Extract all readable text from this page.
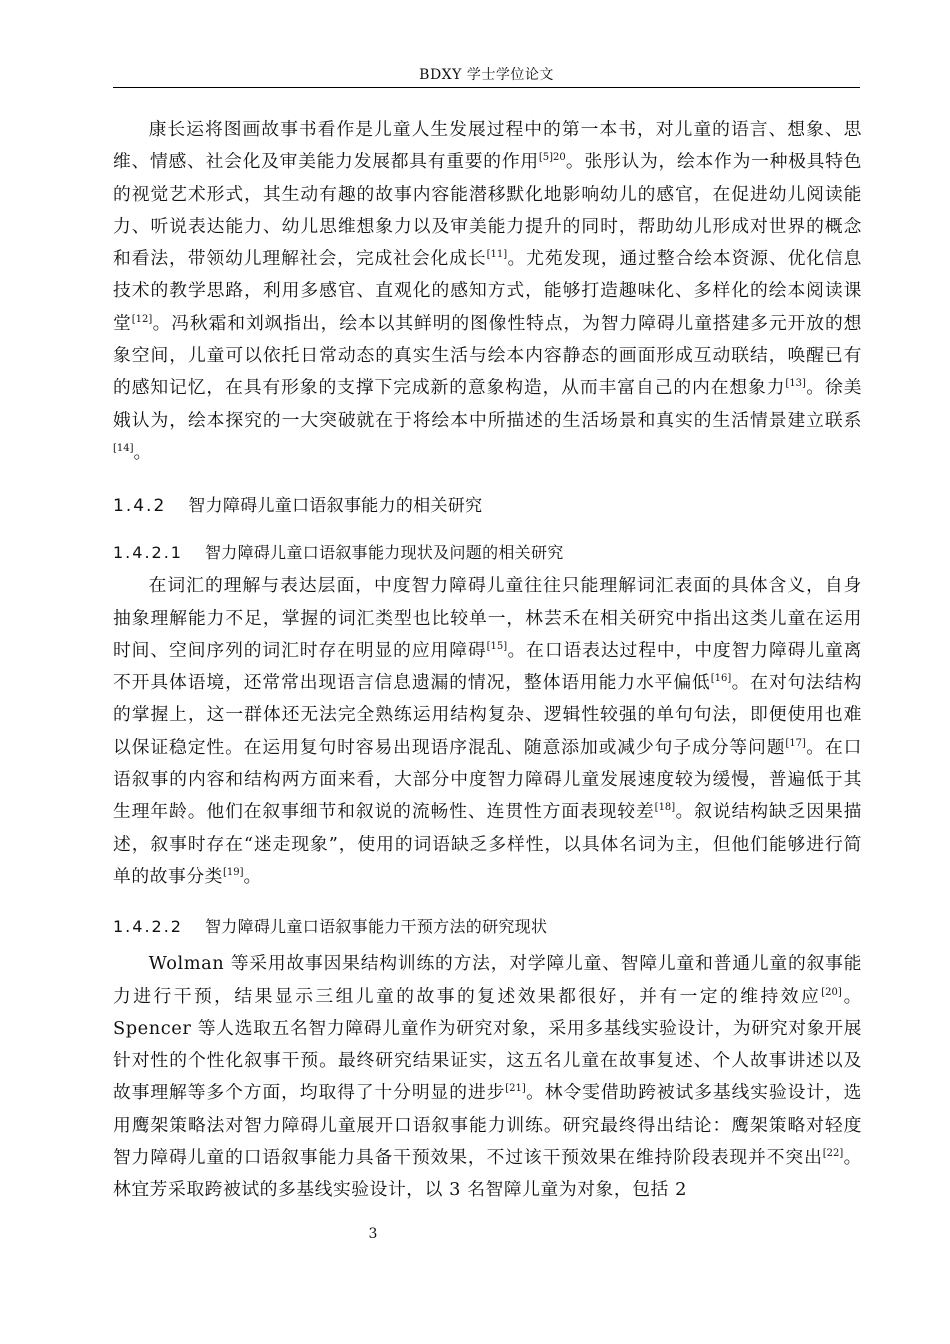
BDXY 学士学位论文

康长运将图画故事书看作是儿童人生发展过程中的第一本书，对儿童的语言、想象、思维、情感、社会化及审美能力发展都具有重要的作用$^{[5]20}$。张彤认为，绘本作为一种极具特色的视觉艺术形式，其生动有趣的故事内容能潜移默化地影响幼儿的感官，在促进幼儿阅读能力、听说表达能力、幼儿思维想象力以及审美能力提升的同时，帮助幼儿形成对世界的概念和看法，带领幼儿理解社会，完成社会化成长[11]。尤苑发现，通过整合绘本资源、优化信息技术的教学思路，利用多感官、直观化的感知方式，能够打造趣味化、多样化的绘本阅读课堂[12]。冯秋霜和刘飒指出，绘本以其鲜明的图像性特点，为智力障碍儿童搭建多元开放的想象空间，儿童可以依托日常动态的真实生活与绘本内容静态的画面形成互动联结，唤醒已有的感知记忆，在具有形象的支撑下完成新的意象构造，从而丰富自己的内在想象力[13]。徐美娥认为，绘本探究的一大突破就在于将绘本中所描述的生活场景和真实的生活情景建立联系[14]。

1.4.2 智力障碍儿童口语叙事能力的相关研究
1.4.2.1 智力障碍儿童口语叙事能力现状及问题的相关研究

在词汇的理解与表达层面，中度智力障碍儿童往往只能理解词汇表面的具体含义，自身抽象理解能力不足，掌握的词汇类型也比较单一，林芸禾在相关研究中指出这类儿童在运用时间、空间序列的词汇时存在明显的应用障碍[15]。在口语表达过程中，中度智力障碍儿童离不开具体语境，还常常出现语言信息遗漏的情况，整体语用能力水平偏低[16]。在对句法结构的掌握上，这一群体还无法完全熟练运用结构复杂、逻辑性较强的单句句法，即便使用也难以保证稳定性。在运用复句时容易出现语序混乱、随意添加或减少句子成分等问题[17]。在口语叙事的内容和结构两方面来看，大部分中度智力障碍儿童发展速度较为缓慢，普遍低于其生理年龄。他们在叙事细节和叙说的流畅性、连贯性方面表现较差[18]。叙说结构缺乏因果描述，叙事时存在“迷走现象”，使用的词语缺乏多样性，以具体名词为主，但他们能够进行简单的故事分类[19]。

1.4.2.2 智力障碍儿童口语叙事能力干预方法的研究现状

Wolman 等采用故事因果结构训练的方法，对学障儿童、智障儿童和普通儿童的叙事能力进行干预，结果显示三组儿童的故事的复述效果都很好，并有一定的维持效应[20]。Spencer 等人选取五名智力障碍儿童作为研究对象，采用多基线实验设计，为研究对象开展针对性的个性化叙事干预。最终研究结果证实，这五名儿童在故事复述、个人故事讲述以及故事理解等多个方面，均取得了十分明显的进步[21]。林令雯借助跨被试多基线实验设计，选用鹰架策略法对智力障碍儿童展开口语叙事能力训练。研究最终得出结论：鹰架策略对轻度智力障碍儿童的口语叙事能力具备干预效果，不过该干预效果在维持阶段表现并不突出[22]。林宜芳采取跨被试的多基线实验设计，以 3 名智障儿童为对象，包括 2

3
